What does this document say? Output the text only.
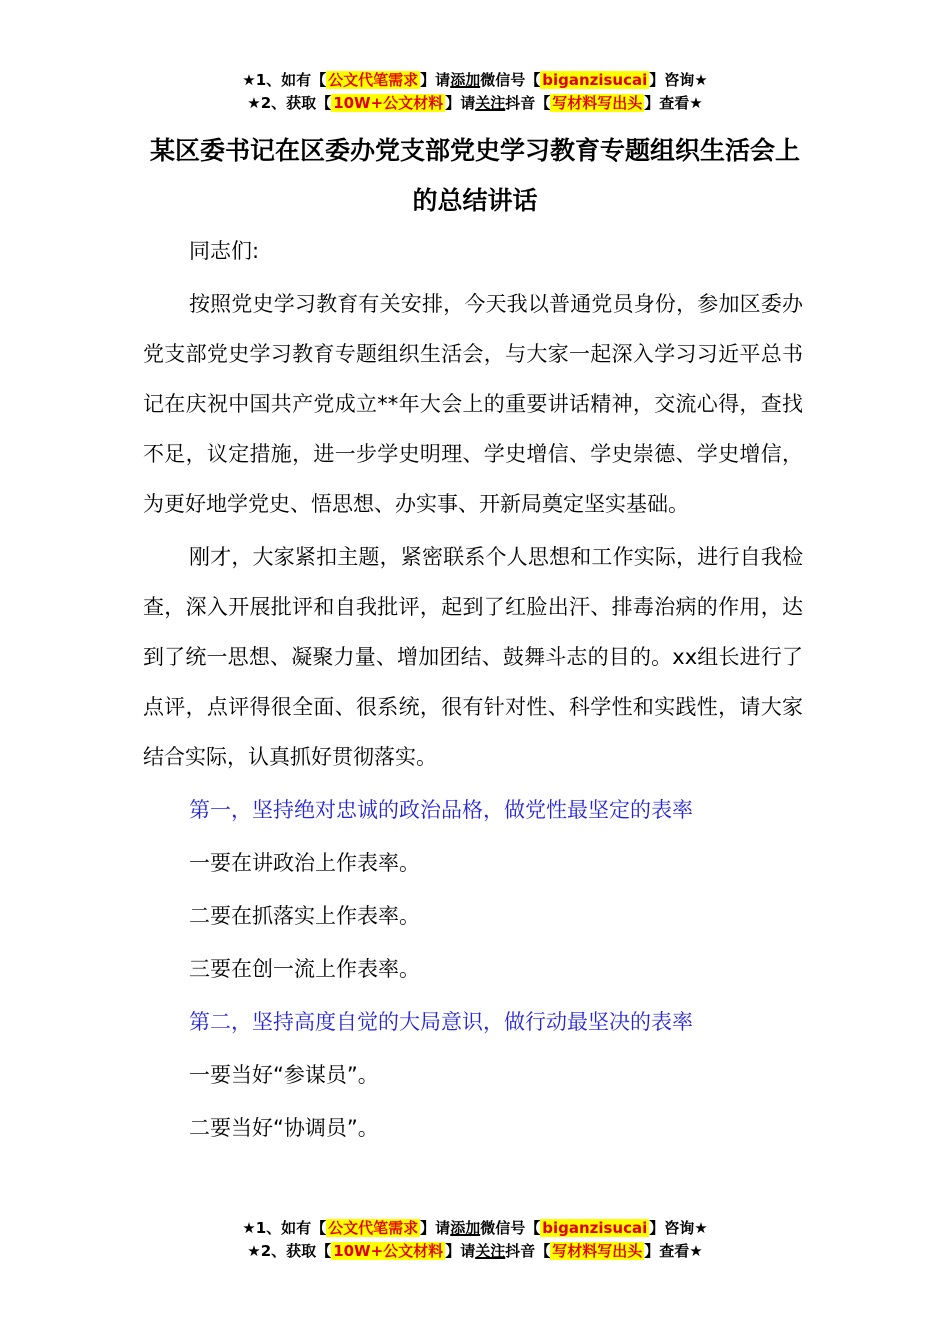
★1、如有【 公文代笔需求 】请添加微信号【 biganzisucai 】咨询★
★2、获取【 10W+公文材料 】请关注抖音【 写材料写出头 】查看★
某区委书记在区委办党支部党史学习教育专题组织生活会上的总结讲话

同志们:

按照党史学习教育有关安排，今天我以普通党员身份，参加区委办党支部党史学习教育专题组织生活会，与大家一起深入学习习近平总书记在庆祝中国共产党成立**年大会上的重要讲话精神，交流心得，查找不足，议定措施，进一步学史明理、学史增信、学史崇德、学史增信，为更好地学党史、悟思想、办实事、开新局奠定坚实基础。

刚才，大家紧扣主题，紧密联系个人思想和工作实际，进行自我检查，深入开展批评和自我批评，起到了红脸出汗、排毒治病的作用，达到了统一思想、凝聚力量、增加团结、鼓舞斗志的目的。xx组长进行了点评，点评得很全面、很系统，很有针对性、科学性和实践性，请大家结合实际，认真抓好贯彻落实。

第一，坚持绝对忠诚的政治品格，做党性最坚定的表率

一要在讲政治上作表率。

二要在抓落实上作表率。

三要在创一流上作表率。

第二，坚持高度自觉的大局意识，做行动最坚决的表率

一要当好“参谋员”。

二要当好“协调员”。

★1、如有【 公文代笔需求 】请添加微信号【 biganzisucai 】咨询★
★2、获取【 10W+公文材料 】请关注抖音【 写材料写出头 】查看★
